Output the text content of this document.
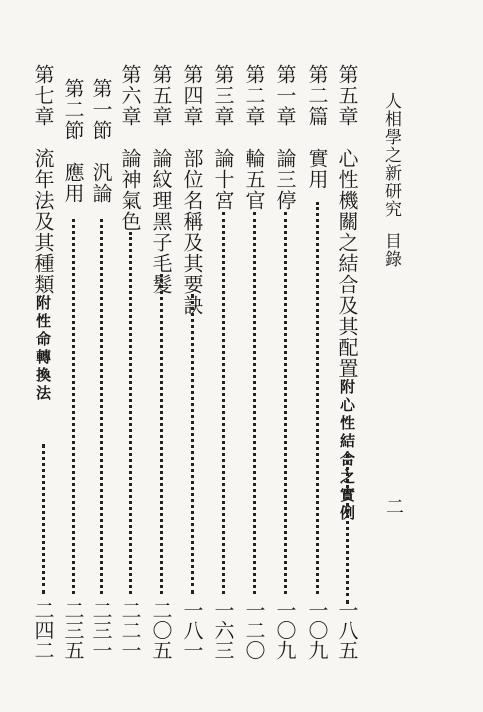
人相學之新研究目錄
二
第五章　心性機關之結合及其配置附心性結合之實例
一八五
第二篇　實用
一〇九
第一章　論三停
一〇九
第二章　輪五官
一二〇
第三章　論十宮
一六三
第四章　部位名稱及其要訣
一八一
第五章　論紋理黑子毛髮
二〇五
第六章　論神氣色
二二一
第一節　汎論
二三一
第二節　應用
二三五
第七章　流年法及其種類附性命轉換法
二四二
